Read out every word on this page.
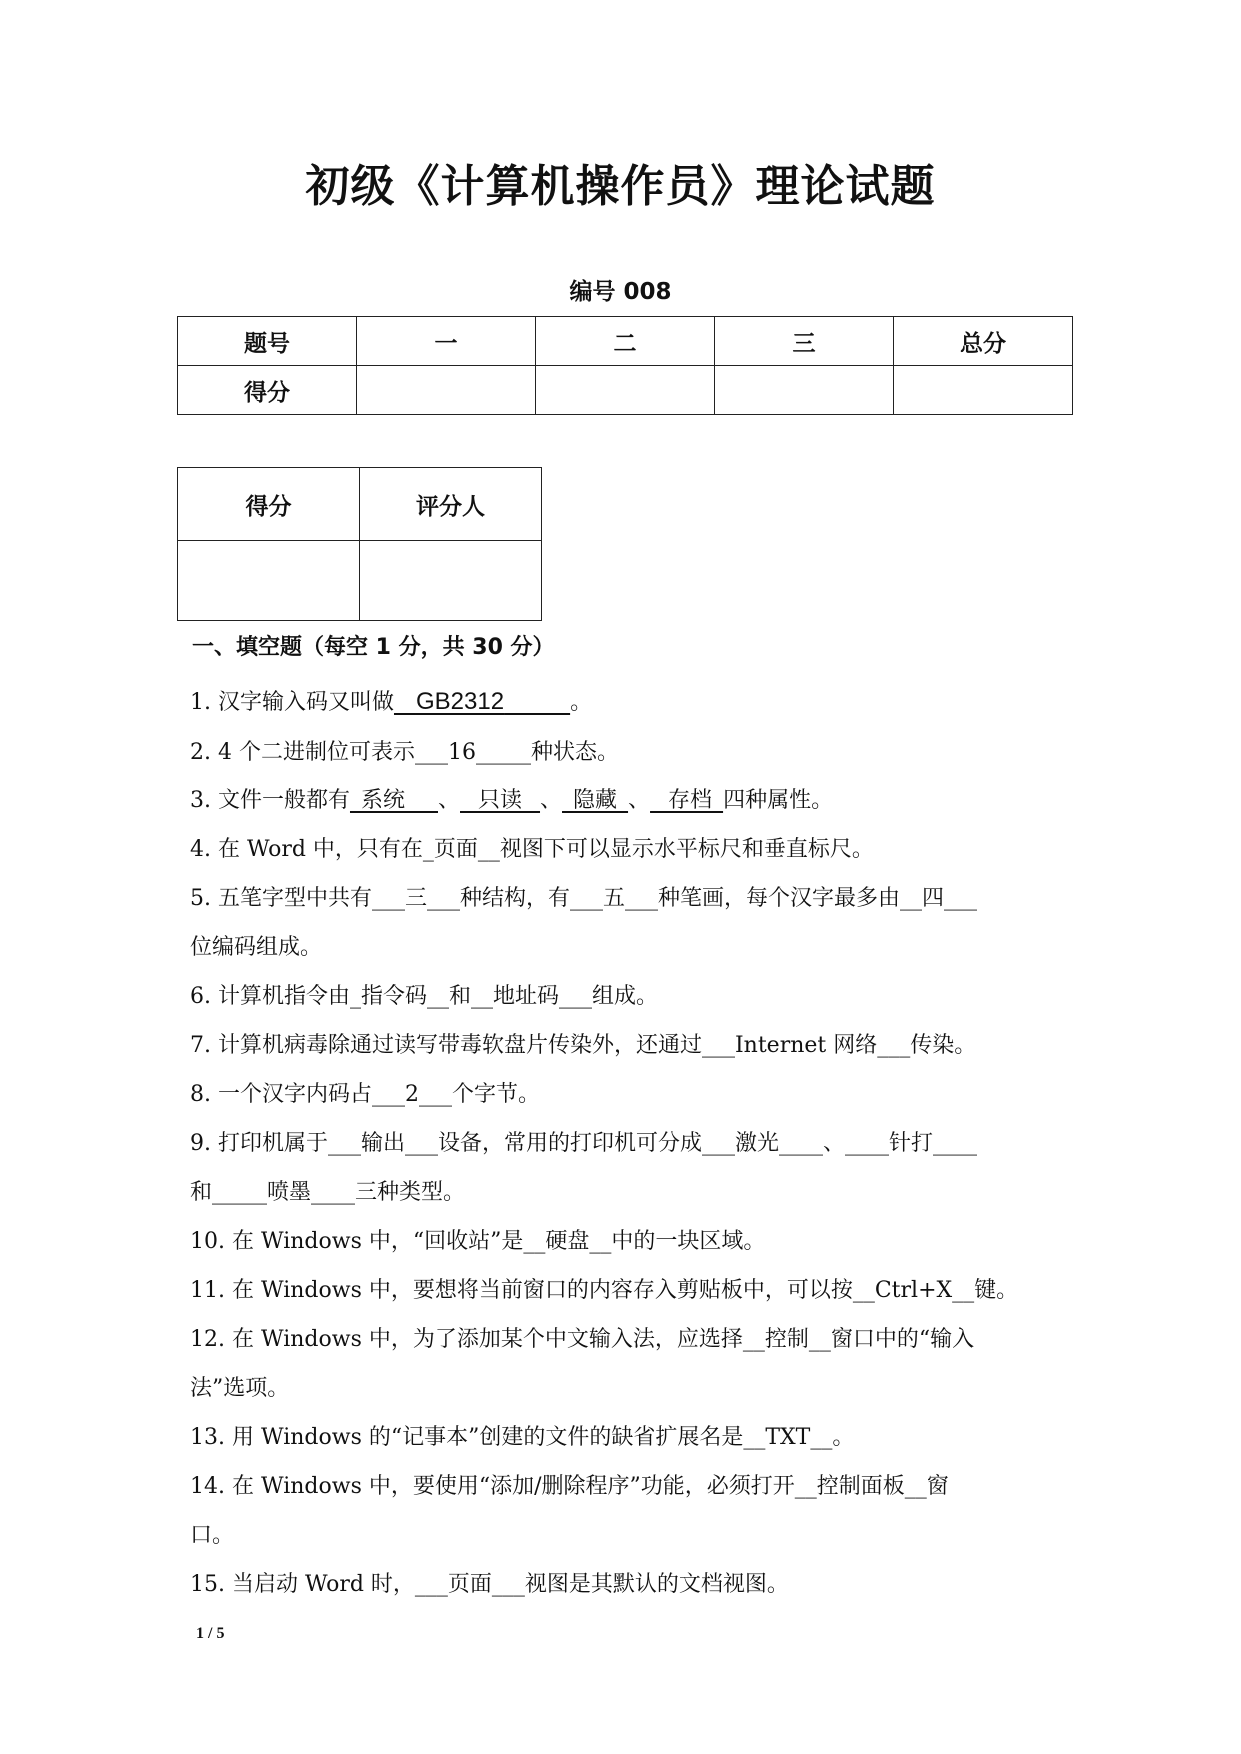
初级《计算机操作员》理论试题
编号 008
题号	一	二	三	总分
得分				
得分	评分人

一、填空题（每空 1 分，共 30 分）
1. 汉字输入码又叫做__GB2312______。
2. 4 个二进制位可表示___16_____种状态。
3. 文件一般都有_系统___、_ 只读 _、_隐藏_、_ 存档_四种属性。
4. 在 Word 中，只有在_页面__视图下可以显示水平标尺和垂直标尺。
5. 五笔字型中共有___三___种结构，有___五___种笔画，每个汉字最多由__四___
位编码组成。
6. 计算机指令由_指令码__和__地址码___组成。
7. 计算机病毒除通过读写带毒软盘片传染外，还通过___Internet 网络___传染。
8. 一个汉字内码占___2___个字节。
9. 打印机属于___输出___设备，常用的打印机可分成___激光____、____针打____
和_____喷墨____三种类型。
10. 在 Windows 中，“回收站”是__硬盘__中的一块区域。
11. 在 Windows 中，要想将当前窗口的内容存入剪贴板中，可以按__Ctrl+X__键。
12. 在 Windows 中，为了添加某个中文输入法，应选择__控制__窗口中的“输入
法”选项。
13. 用 Windows 的“记事本”创建的文件的缺省扩展名是__TXT__。
14. 在 Windows 中，要使用“添加/删除程序”功能，必须打开__控制面板__窗
口。
15. 当启动 Word 时，___页面___视图是其默认的文档视图。
1 / 5
